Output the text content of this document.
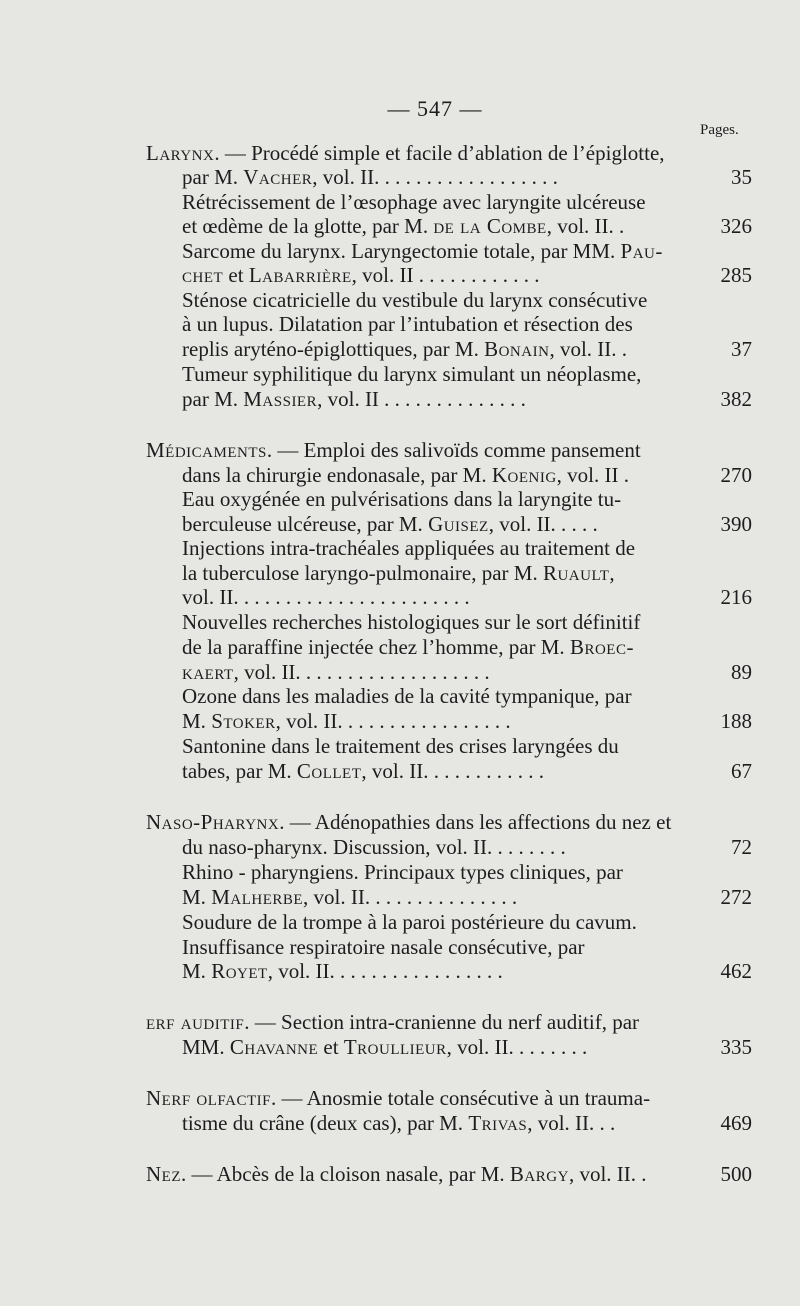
— 547 —
Pages.
Larynx. — Procédé simple et facile d’ablation de l’épiglotte,
par M. Vacher, vol. II. . . . . . . . . . . . . . . . . .	35
Rétrécissement de l’œsophage avec laryngite ulcéreuse
et œdème de la glotte, par M. de la Combe, vol. II. .	326
Sarcome du larynx. Laryngectomie totale, par MM. Pau-
chet et Labarrière, vol. II . . . . . . . . . . . .	285
Sténose cicatricielle du vestibule du larynx consécutive
à un lupus. Dilatation par l’intubation et résection des
replis aryténo-épiglottiques, par M. Bonain, vol. II. .	37
Tumeur syphilitique du larynx simulant un néoplasme,
par M. Massier, vol. II . . . . . . . . . . . . . .	382
Médicaments. — Emploi des salivoïds comme pansement
dans la chirurgie endonasale, par M. Koenig, vol. II .	270
Eau oxygénée en pulvérisations dans la laryngite tu-
berculeuse ulcéreuse, par M. Guisez, vol. II. . . . .	390
Injections intra-trachéales appliquées au traitement de
la tuberculose laryngo-pulmonaire, par M. Ruault,
vol. II. . . . . . . . . . . . . . . . . . . . . . .	216
Nouvelles recherches histologiques sur le sort définitif
de la paraffine injectée chez l’homme, par M. Broec-
kaert, vol. II. . . . . . . . . . . . . . . . . . .	89
Ozone dans les maladies de la cavité tympanique, par
M. Stoker, vol. II. . . . . . . . . . . . . . . . .	188
Santonine dans le traitement des crises laryngées du
tabes, par M. Collet, vol. II. . . . . . . . . . . .	67
Naso-Pharynx. — Adénopathies dans les affections du nez et
du naso-pharynx. Discussion, vol. II. . . . . . . .	72
Rhino - pharyngiens. Principaux types cliniques, par
M. Malherbe, vol. II. . . . . . . . . . . . . . .	272
Soudure de la trompe à la paroi postérieure du cavum.
Insuffisance respiratoire nasale consécutive, par
M. Royet, vol. II. . . . . . . . . . . . . . . . .	462
erf auditif. — Section intra-cranienne du nerf auditif, par
MM. Chavanne et Troullieur, vol. II. . . . . . . .	335
Nerf olfactif. — Anosmie totale consécutive à un trauma-
tisme du crâne (deux cas), par M. Trivas, vol. II. . .	469
Nez. — Abcès de la cloison nasale, par M. Bargy, vol. II. .	500
